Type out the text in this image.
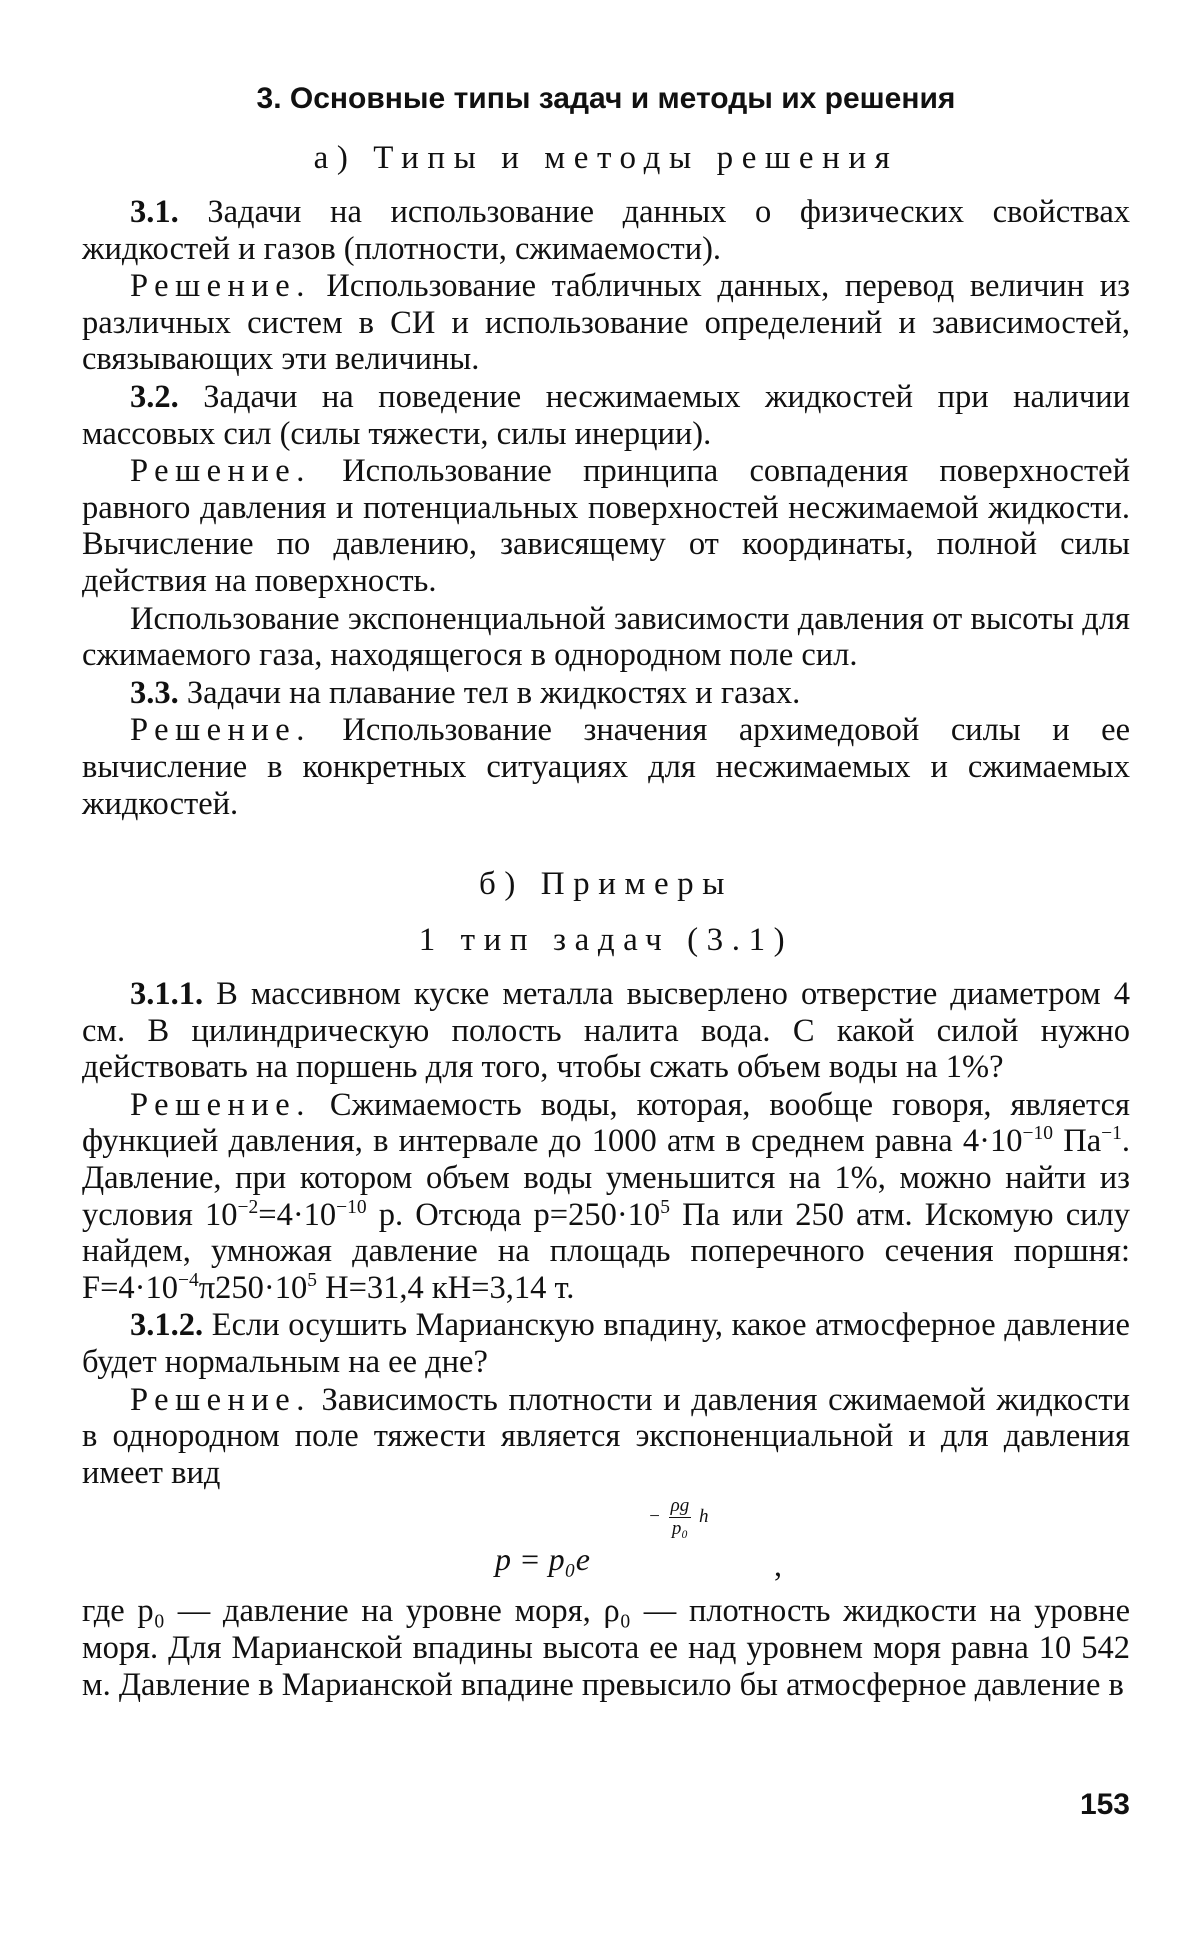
3. Основные типы задач и методы их решения
а) Типы и методы решения

3.1. Задачи на использование данных о физических свойствах жидкостей и газов (плотности, сжимаемости).

Решение. Использование табличных данных, перевод величин из различных систем в СИ и использование определений и зависимостей, связывающих эти величины.

3.2. Задачи на поведение несжимаемых жидкостей при наличии массовых сил (силы тяжести, силы инерции).

Решение. Использование принципа совпадения поверхностей равного давления и потенциальных поверхностей несжимаемой жидкости. Вычисление по давлению, зависящему от координаты, полной силы действия на поверхность.

Использование экспоненциальной зависимости давления от высоты для сжимаемого газа, находящегося в однородном поле сил.

3.3. Задачи на плавание тел в жидкостях и газах.

Решение. Использование значения архимедовой силы и ее вычисление в конкретных ситуациях для несжимаемых и сжимаемых жидкостей.

б) Примеры
1 тип задач (3.1)

3.1.1. В массивном куске металла высверлено отверстие диаметром 4 см. В цилиндрическую полость налита вода. С какой силой нужно действовать на поршень для того, чтобы сжать объем воды на 1%?

Решение. Сжимаемость воды, которая, вообще говоря, является функцией давления, в интервале до 1000 атм в среднем равна $4\cdot 10^{-10}$ $Па^{-1}$. Давление, при котором объем воды уменьшится на 1%, можно найти из условия $10^{-2}=4\cdot 10^{-10}$ p. Отсюда $p=250\cdot 10^5$ Па или 250 атм. Искомую силу найдем, умножая давление на площадь поперечного сечения поршня: $F=4\cdot 10^{-4}\pi 250\cdot 10^5$ Н=31,4 кН=3,14 т.

3.1.2. Если осушить Марианскую впадину, какое атмосферное давление будет нормальным на ее дне?

Решение. Зависимость плотности и давления сжимаемой жидкости в однородном поле тяжести является экспоненциальной и для давления имеет вид

p = p₀e
− $\frac{\rho g}{\text{p₀}}$ h
,

где p₀ — давление на уровне моря, ρ₀ — плотность жидкости на уровне моря. Для Марианской впадины высота ее над уровнем моря равна 10 542 м. Давление в Марианской впадине превысило бы атмосферное давление в

153
